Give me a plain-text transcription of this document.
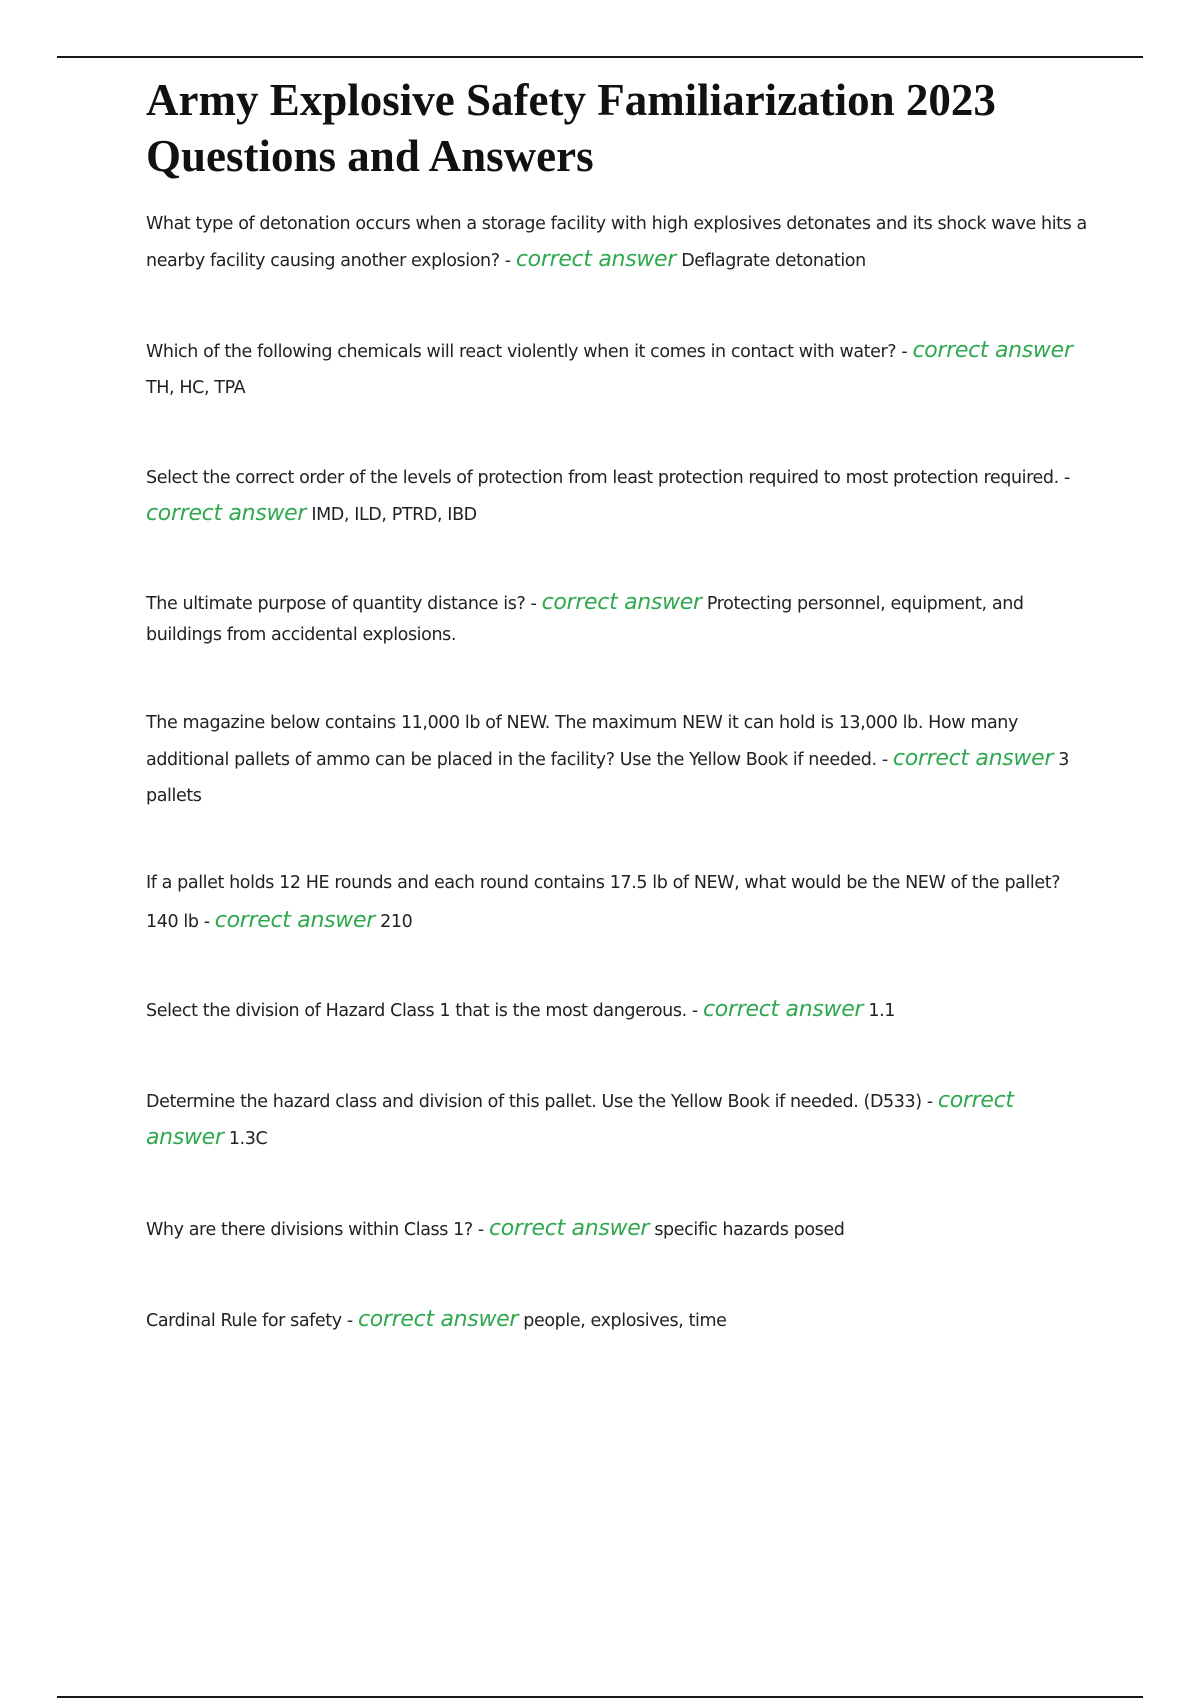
Army Explosive Safety Familiarization 2023 Questions and Answers

What type of detonation occurs when a storage facility with high explosives detonates and its shock wave hits a nearby facility causing another explosion? - correct answer Deflagrate detonation

Which of the following chemicals will react violently when it comes in contact with water? - correct answer TH, HC, TPA

Select the correct order of the levels of protection from least protection required to most protection required. - correct answer IMD, ILD, PTRD, IBD

The ultimate purpose of quantity distance is? - correct answer Protecting personnel, equipment, and buildings from accidental explosions.

The magazine below contains 11,000 lb of NEW. The maximum NEW it can hold is 13,000 lb. How many additional pallets of ammo can be placed in the facility? Use the Yellow Book if needed. - correct answer 3 pallets

If a pallet holds 12 HE rounds and each round contains 17.5 lb of NEW, what would be the NEW of the pallet?

140 lb - correct answer 210

Select the division of Hazard Class 1 that is the most dangerous. - correct answer 1.1

Determine the hazard class and division of this pallet. Use the Yellow Book if needed. (D533) - correct answer 1.3C

Why are there divisions within Class 1? - correct answer specific hazards posed

Cardinal Rule for safety - correct answer people, explosives, time
